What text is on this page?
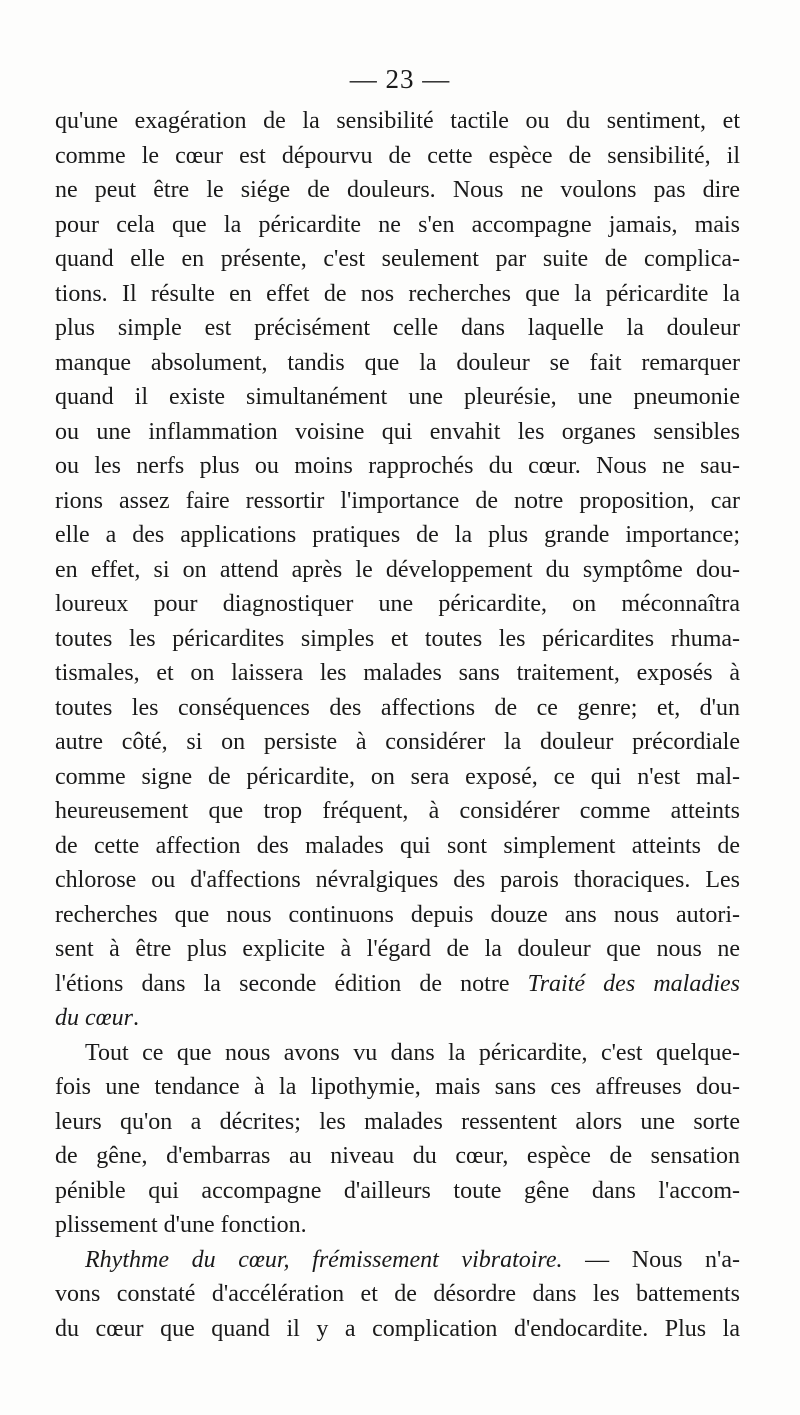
— 23 —
qu'une exagération de la sensibilité tactile ou du sentiment, et
comme le cœur est dépourvu de cette espèce de sensibilité, il
ne peut être le siége de douleurs. Nous ne voulons pas dire
pour cela que la péricardite ne s'en accompagne jamais, mais
quand elle en présente, c'est seulement par suite de complica-
tions. Il résulte en effet de nos recherches que la péricardite la
plus simple est précisément celle dans laquelle la douleur
manque absolument, tandis que la douleur se fait remarquer
quand il existe simultanément une pleurésie, une pneumonie
ou une inflammation voisine qui envahit les organes sensibles
ou les nerfs plus ou moins rapprochés du cœur. Nous ne sau-
rions assez faire ressortir l'importance de notre proposition, car
elle a des applications pratiques de la plus grande importance;
en effet, si on attend après le développement du symptôme dou-
loureux pour diagnostiquer une péricardite, on méconnaîtra
toutes les péricardites simples et toutes les péricardites rhuma-
tismales, et on laissera les malades sans traitement, exposés à
toutes les conséquences des affections de ce genre; et, d'un
autre côté, si on persiste à considérer la douleur précordiale
comme signe de péricardite, on sera exposé, ce qui n'est mal-
heureusement que trop fréquent, à considérer comme atteints
de cette affection des malades qui sont simplement atteints de
chlorose ou d'affections névralgiques des parois thoraciques. Les
recherches que nous continuons depuis douze ans nous autori-
sent à être plus explicite à l'égard de la douleur que nous ne
l'étions dans la seconde édition de notre Traité des maladies
du cœur.
Tout ce que nous avons vu dans la péricardite, c'est quelque-
fois une tendance à la lipothymie, mais sans ces affreuses dou-
leurs qu'on a décrites; les malades ressentent alors une sorte
de gêne, d'embarras au niveau du cœur, espèce de sensation
pénible qui accompagne d'ailleurs toute gêne dans l'accom-
plissement d'une fonction.
Rhythme du cœur, frémissement vibratoire. — Nous n'a-
vons constaté d'accélération et de désordre dans les battements
du cœur que quand il y a complication d'endocardite. Plus la
